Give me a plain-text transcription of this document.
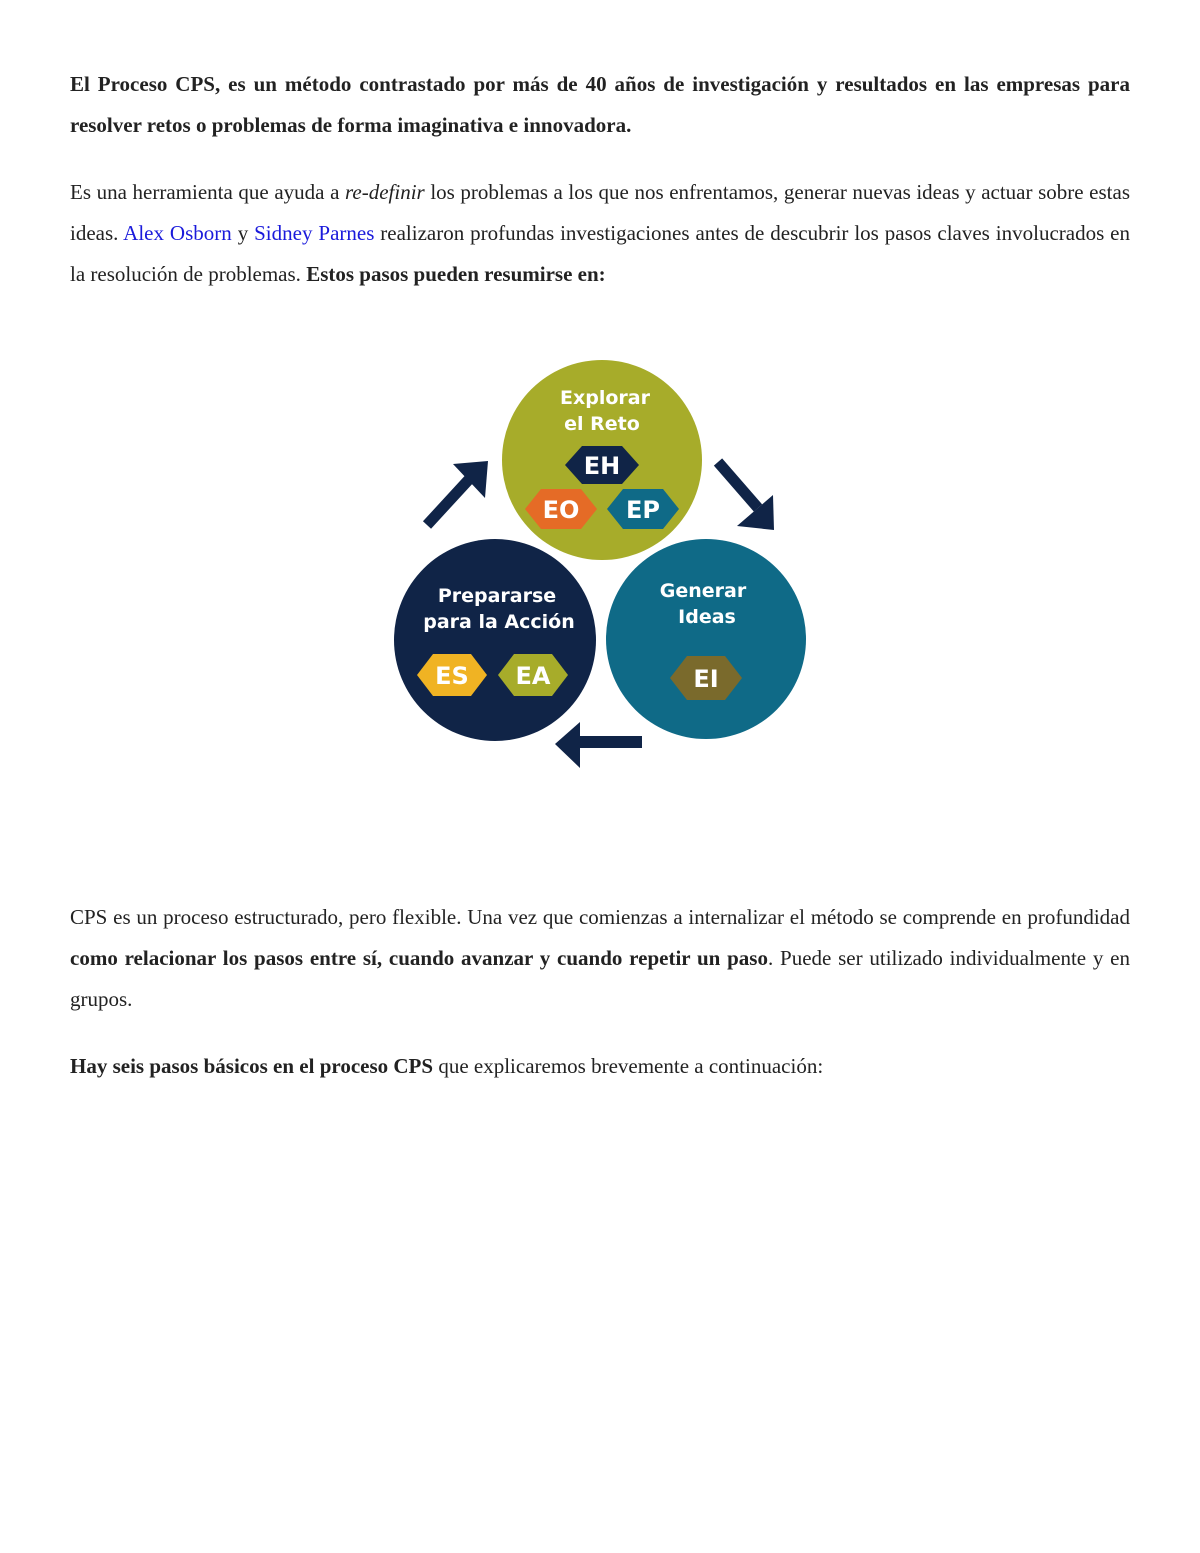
El Proceso CPS, es un método contrastado por más de 40 años de investigación y resultados en las empresas para resolver retos o problemas de forma imaginativa e innovadora.

Es una herramienta que ayuda a re-definir los problemas a los que nos enfrentamos, generar nuevas ideas y actuar sobre estas ideas. Alex Osborn y Sidney Parnes realizaron profundas investigaciones antes de descubrir los pasos claves involucrados en la resolución de problemas. Estos pasos pueden resumirse en:

Explorar
el Reto
EH
EO EP
Generar
Ideas
EI
Prepararse
para la Acción
ES EA

CPS es un proceso estructurado, pero flexible. Una vez que comienzas a internalizar el método se comprende en profundidad como relacionar los pasos entre sí, cuando avanzar y cuando repetir un paso. Puede ser utilizado individualmente y en grupos.

Hay seis pasos básicos en el proceso CPS que explicaremos brevemente a continuación:
